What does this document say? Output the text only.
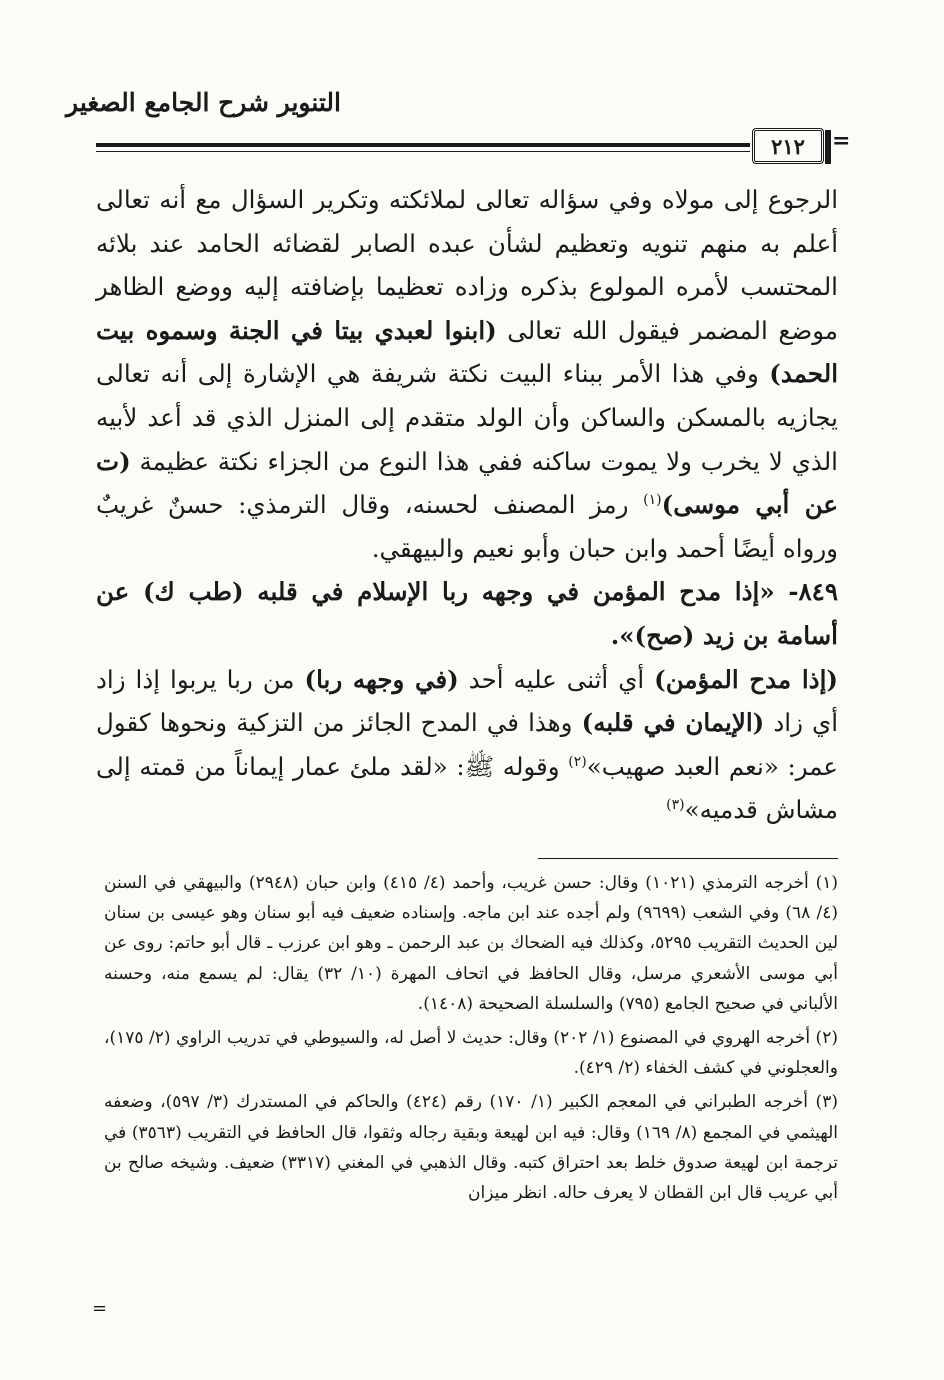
التنوير شرح الجامع الصغير
٢١٢	=

الرجوع إلى مولاه وفي سؤاله تعالى لملائكته وتكرير السؤال مع أنه تعالى أعلم به منهم تنويه وتعظيم لشأن عبده الصابر لقضائه الحامد عند بلائه المحتسب لأمره المولوع بذكره وزاده تعظيما بإضافته إليه ووضع الظاهر موضع المضمر فيقول الله تعالى (ابنوا لعبدي بيتا في الجنة وسموه بيت الحمد) وفي هذا الأمر ببناء البيت نكتة شريفة هي الإشارة إلى أنه تعالى يجازيه بالمسكن والساكن وأن الولد متقدم إلى المنزل الذي قد أعد لأبيه الذي لا يخرب ولا يموت ساكنه ففي هذا النوع من الجزاء نكتة عظيمة (ت عن أبي موسى)$^{(١)}$ رمز المصنف لحسنه، وقال الترمذي: حسنٌ غريبٌ ورواه أيضًا أحمد وابن حبان وأبو نعيم والبيهقي.

٨٤٩- «إذا مدح المؤمن في وجهه ربا الإسلام في قلبه (طب ك) عن أسامة بن زيد (صح)».

(إذا مدح المؤمن) أي أثنى عليه أحد (في وجهه ربا) من ربا يربوا إذا زاد أي زاد (الإيمان في قلبه) وهذا في المدح الجائز من التزكية ونحوها كقول عمر: «نعم العبد صهيب»$^{(٢)}$ وقوله ﷺ: «لقد ملئ عمار إيماناً من قمته إلى مشاش قدميه»$^{(٣)}$

(١) أخرجه الترمذي (١٠٢١) وقال: حسن غريب، وأحمد (٤/ ٤١٥) وابن حبان (٢٩٤٨) والبيهقي في السنن (٤/ ٦٨) وفي الشعب (٩٦٩٩) ولم أجده عند ابن ماجه. وإسناده ضعيف فيه أبو سنان وهو عيسى بن سنان لين الحديث التقريب ٥٢٩٥، وكذلك فيه الضحاك بن عبد الرحمن ـ وهو ابن عرزب ـ قال أبو حاتم: روى عن أبي موسى الأشعري مرسل، وقال الحافظ في اتحاف المهرة (١٠/ ٣٢) يقال: لم يسمع منه، وحسنه الألباني في صحيح الجامع (٧٩٥) والسلسلة الصحيحة (١٤٠٨).

(٢) أخرجه الهروي في المصنوع (١/ ٢٠٢) وقال: حديث لا أصل له، والسيوطي في تدريب الراوي (٢/ ١٧٥)، والعجلوني في كشف الخفاء (٢/ ٤٢٩).

(٣) أخرجه الطبراني في المعجم الكبير (١/ ١٧٠) رقم (٤٢٤) والحاكم في المستدرك (٣/ ٥٩٧)، وضعفه الهيثمي في المجمع (٨/ ١٦٩) وقال: فيه ابن لهيعة وبقية رجاله وثقوا، قال الحافظ في التقريب (٣٥٦٣) في ترجمة ابن لهيعة صدوق خلط بعد احتراق كتبه. وقال الذهبي في المغني (٣٣١٧) ضعيف. وشيخه صالح بن أبي عريب قال ابن القطان لا يعرف حاله. انظر ميزان

=
